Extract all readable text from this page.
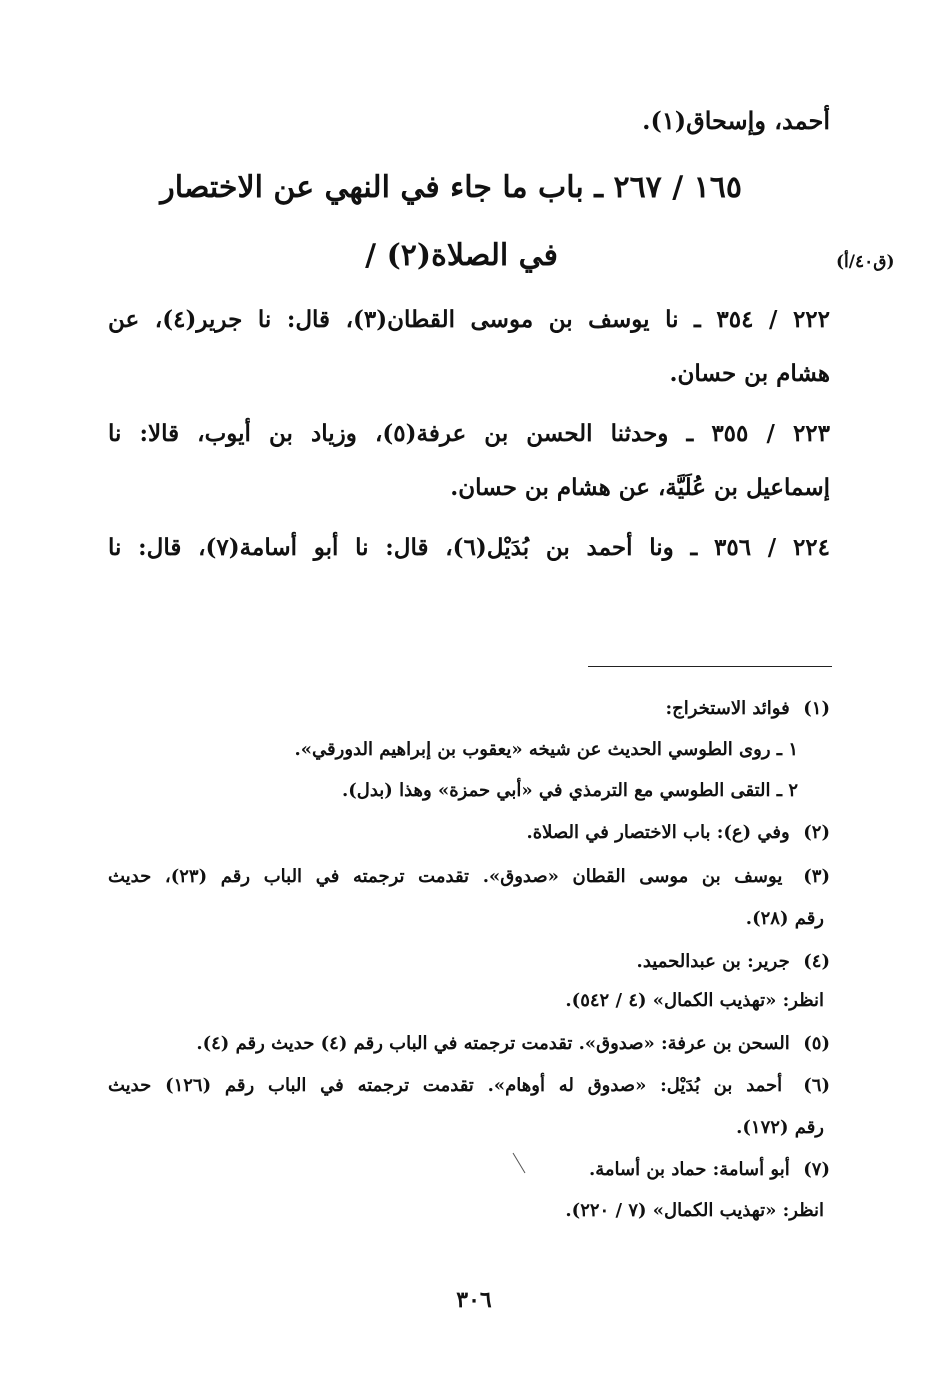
أحمد، وإسحاق(١).
١٦٥ / ٢٦٧ ـ باب ما جاء في النهي عن الاختصار
في الصلاة(٢) /	(ق٤٠/أ)
٢٢٢ / ٣٥٤ ـ نا يوسف بن موسى القطان(٣)، قال: نا جرير(٤)، عن
هشام بن حسان.
٢٢٣ / ٣٥٥ ـ وحدثنا الحسن بن عرفة(٥)، وزياد بن أيوب، قالا: نا
إسماعيل بن عُلَيَّة، عن هشام بن حسان.
٢٢٤ / ٣٥٦ ـ ونا أحمد بن بُدَيْل(٦)، قال: نا أبو أسامة(٧)، قال: نا
(١) فوائد الاستخراج:
١ ـ روى الطوسي الحديث عن شيخه «يعقوب بن إبراهيم الدورقي».
٢ ـ التقى الطوسي مع الترمذي في «أبي حمزة» وهذا (بدل).
(٢) وفي (ع): باب الاختصار في الصلاة.
(٣) يوسف بن موسى القطان «صدوق». تقدمت ترجمته في الباب رقم (٢٣)، حديث
رقم (٢٨).
(٤) جرير: بن عبدالحميد.
انظر: «تهذيب الكمال» (٤ / ٥٤٢).
(٥) السحن بن عرفة: «صدوق». تقدمت ترجمته في الباب رقم (٤) حديث رقم (٤).
(٦) أحمد بن بُدَيْل: «صدوق له أوهام». تقدمت ترجمته في الباب رقم (١٢٦) حديث
رقم (١٧٢).
(٧) أبو أسامة: حماد بن أسامة.
انظر: «تهذيب الكمال» (٧ / ٢٢٠).
٣٠٦
